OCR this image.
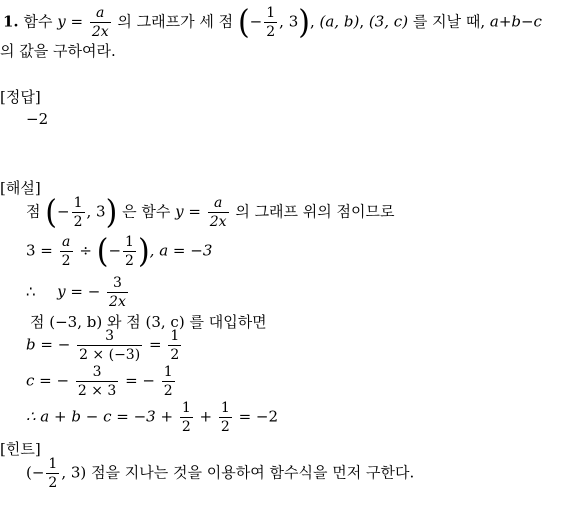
1. 함수 $y = \frac{a}{2x}$ 의 그래프가 세 점 (− $\frac{1}{2}$ , 3), (a, b), (3, c) 를 지날 때, a+b−c
의 값을 구하여라.
[정답]
−2
[해설]
점 (− $\frac{1}{2}$ , 3) 은 함수 $y = \frac{a}{2x}$ 의 그래프 위의 점이므로
$3 = \frac{a}{2}$ ÷ (− $\frac{1}{2}$ ), a = −3
∴ y = − $\frac{3}{2x}$
점 (−3, b) 와 점 (3, c) 를 대입하면
b = − $\frac{3}{2 \times (-3)} = \frac{1}{2}$
c = − $\frac{3}{2 \times 3}$ = − $\frac{1}{2}$
∴ $a + b - c = -3 + \frac{1}{2} + \frac{1}{2} = -2$
[힌트]
(− $\frac{1}{2}$ , 3) 점을 지나는 것을 이용하여 함수식을 먼저 구한다.
